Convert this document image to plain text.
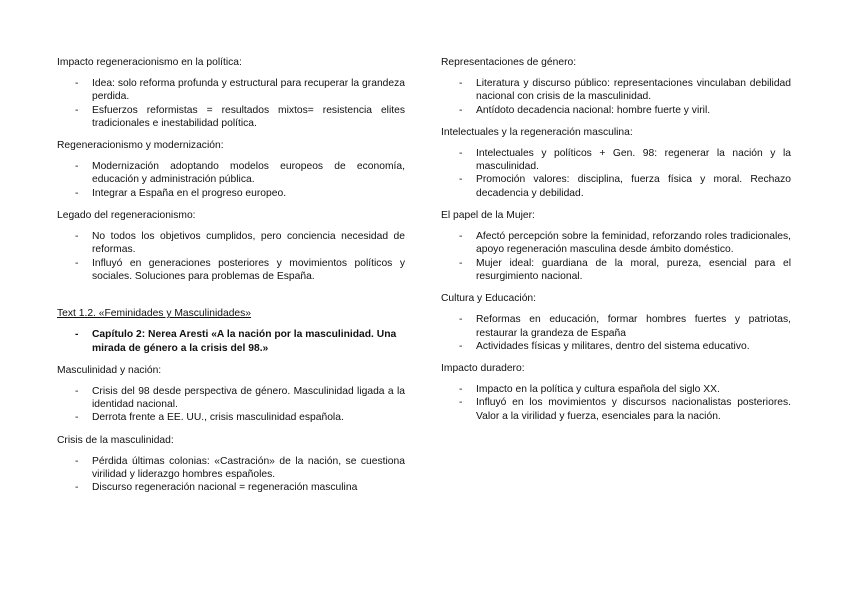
Impacto regeneracionismo en la política:
- Idea: solo reforma profunda y estructural para recuperar la grandeza perdida.
- Esfuerzos reformistas = resultados mixtos= resistencia elites tradicionales e inestabilidad política.
Regeneracionismo y modernización:
- Modernización adoptando modelos europeos de economía, educación y administración pública.
- Integrar a España en el progreso europeo.
Legado del regeneracionismo:
- No todos los objetivos cumplidos, pero conciencia necesidad de reformas.
- Influyó en generaciones posteriores y movimientos políticos y sociales. Soluciones para problemas de España.
Text 1.2. «Feminidades y Masculinidades»
- Capítulo 2: Nerea Aresti «A la nación por la masculinidad. Una mirada de género a la crisis del 98.»
Masculinidad y nación:
- Crisis del 98 desde perspectiva de género. Masculinidad ligada a la identidad nacional.
- Derrota frente a EE. UU., crisis masculinidad española.
Crisis de la masculinidad:
- Pérdida últimas colonias: «Castración» de la nación, se cuestiona virilidad y liderazgo hombres españoles.
- Discurso regeneración nacional = regeneración masculina
Representaciones de género:
- Literatura y discurso público: representaciones vinculaban debilidad nacional con crisis de la masculinidad.
- Antídoto decadencia nacional: hombre fuerte y viril.
Intelectuales y la regeneración masculina:
- Intelectuales y políticos + Gen. 98: regenerar la nación y la masculinidad.
- Promoción valores: disciplina, fuerza física y moral. Rechazo decadencia y debilidad.
El papel de la Mujer:
- Afectó percepción sobre la feminidad, reforzando roles tradicionales, apoyo regeneración masculina desde ámbito doméstico.
- Mujer ideal: guardiana de la moral, pureza, esencial para el resurgimiento nacional.
Cultura y Educación:
- Reformas en educación, formar hombres fuertes y patriotas, restaurar la grandeza de España
- Actividades físicas y militares, dentro del sistema educativo.
Impacto duradero:
- Impacto en la política y cultura española del siglo XX.
- Influyó en los movimientos y discursos nacionalistas posteriores. Valor a la virilidad y fuerza, esenciales para la nación.
